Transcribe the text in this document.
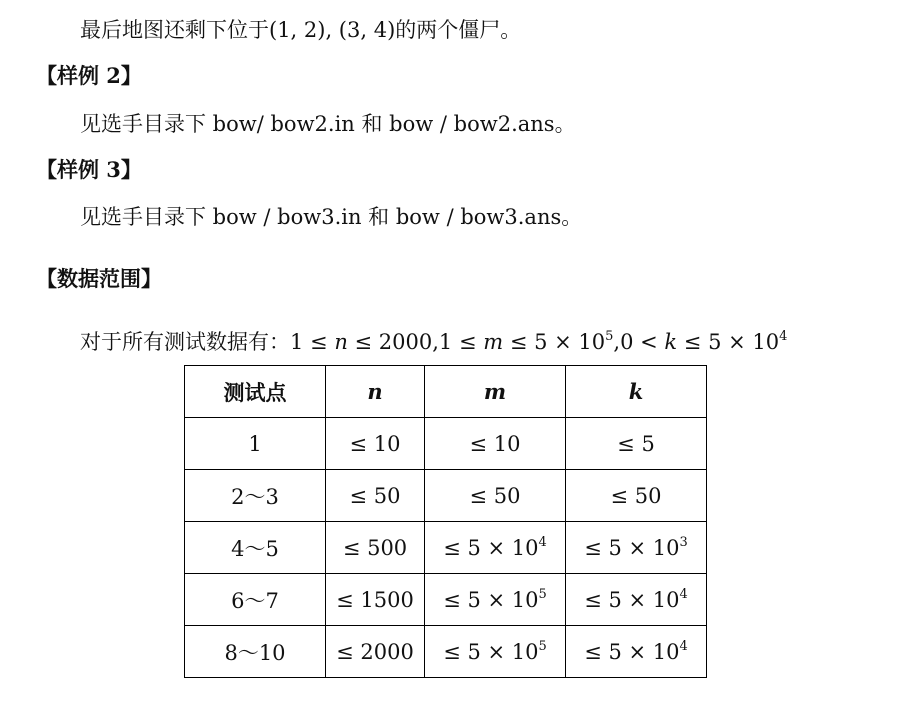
最后地图还剩下位于(1, 2), (3, 4)的两个僵尸。
【样例 2】
见选手目录下 bow/ bow2.in 和 bow / bow2.ans。
【样例 3】
见选手目录下 bow / bow3.in 和 bow / bow3.ans。
【数据范围】
对于所有测试数据有：$1 \le n \le 2000,1 \le m \le 5 \times 10^5,0 < k \le 5 \times 10^4$
测试点	n	m	k
1	≤ 10	≤ 10	≤ 5
2～3	≤ 50	≤ 50	≤ 50
4～5	≤ 500	≤ $5 \times 10^4$	≤ $5 \times 10^3$
6～7	≤ 1500	≤ $5 \times 10^5$	≤ $5 \times 10^4$
8～10	≤ 2000	≤ $5 \times 10^5$	≤ $5 \times 10^4$
